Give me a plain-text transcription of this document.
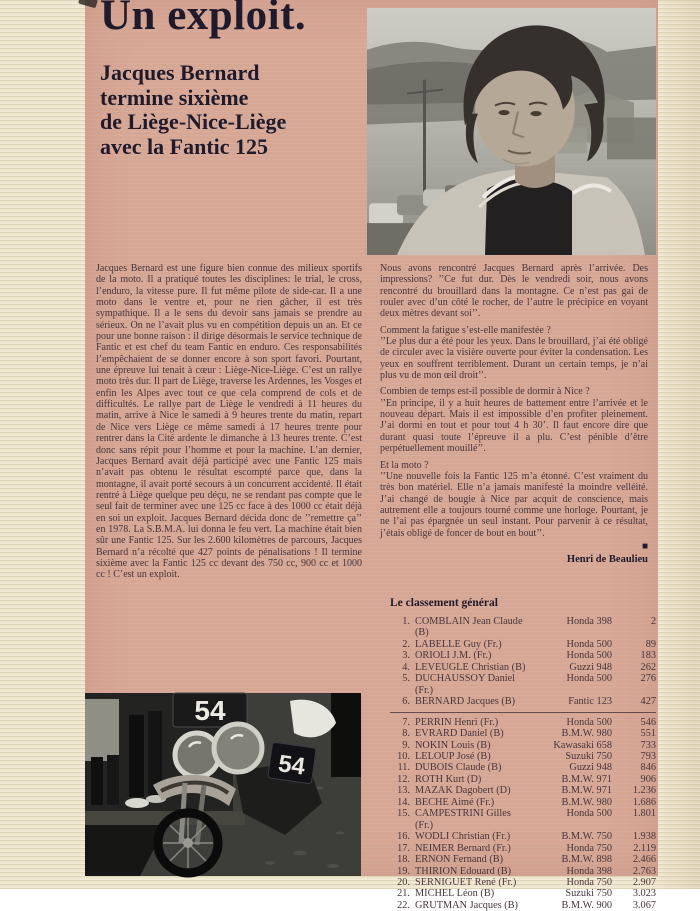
Un exploit.
Jacques Bernard
termine sixième
de Liège-Nice-Liège
avec la Fantic 125

Jacques Bernard est une figure bien connue des milieux sportifs de la moto. Il a pratiqué toutes les disciplines: le trial, le cross, l’enduro, la vitesse pure. Il fut même pilote de side-car. Il a une moto dans le ventre et, pour ne rien gâcher, il est très sympathique. Il a le sens du devoir sans jamais se prendre au sérieux. On ne l’avait plus vu en compétition depuis un an. Et ce pour une bonne raison : il dirige désormais le service technique de Fantic et est chef du team Fantic en enduro. Ces responsabilités l’empêchaient de se donner encore à son sport favori. Pourtant, une épreuve lui tenait à cœur : Liège-Nice-Liège. C’est un rallye moto très dur. Il part de Liège, traverse les Ardennes, les Vosges et enfin les Alpes avec tout ce que cela comprend de cols et de difficultés. Le rallye part de Liège le vendredi à 11 heures du matin, arrive à Nice le samedi à 9 heures trente du matin, repart de Nice vers Liège ce même samedi à 17 heures trente pour rentrer dans la Cité ardente le dimanche à 13 heures trente. C’est donc sans répit pour l’homme et pour la machine. L’an dernier, Jacques Bernard avait déjà participé avec une Fantic 125 mais n’avait pas obtenu le résultat escompté parce que, dans la montagne, il avait porté secours à un concurrent accidenté. Il était rentré à Liège quelque peu déçu, ne se rendant pas compte que le seul fait de terminer avec une 125 cc face à des 1000 cc était déjà en soi un exploit. Jacques Bernard décida donc de ’’remettre ça’’ en 1978. La S.B.M.A. lui donna le feu vert. La machine était bien sûr une Fantic 125. Sur les 2.600 kilomètres de parcours, Jacques Bernard n’a récolté que 427 points de pénalisations ! Il termine sixième avec la Fantic 125 cc devant des 750 cc, 900 cc et 1000 cc ! C’est un exploit.

Nous avons rencontré Jacques Bernard après l’arrivée. Des impressions? ’’Ce fut dur. Dès le vendredi soir, nous avons rencontré du brouillard dans la montagne. Ce n’est pas gai de rouler avec d’un côté le rocher, de l’autre le précipice en voyant deux mètres devant soi’’.

Comment la fatigue s’est-elle manifestée ?

’’Le plus dur a été pour les yeux. Dans le brouillard, j’ai été obligé de circuler avec la visière ouverte pour éviter la condensation. Les yeux en souffrent terriblement. Durant un certain temps, je n’ai plus vu de mon œil droit’’.

Combien de temps est-il possible de dormir à Nice ?

’’En principe, il y a huit heures de battement entre l’arrivée et le nouveau départ. Mais il est impossible d’en profiter pleinement. J’ai dormi en tout et pour tout 4 h 30’. Il faut encore dire que durant quasi toute l’épreuve il a plu. C’est pénible d’être perpétuellement mouillé’’.

Et la moto ?

’’Une nouvelle fois la Fantic 125 m’a étonné. C’est vraiment du très bon matériel. Elle n’a jamais manifesté la moindre velléité. J’ai changé de bougie à Nice par acquit de conscience, mais autrement elle a toujours tourné comme une horloge. Pourtant, je ne l’ai pas épargnée un seul instant. Pour parvenir à ce résultat, j’étais obligé de foncer de bout en bout’’.

■
Henri de Beaulieu
Le classement général
1. COMBLAIN Jean Claude (B)
Honda 398	2
2. LABELLE Guy (Fr.)	Honda 500	89
3. ORIOLI J.M. (Fr.)	Honda 500	183
4. LEVEUGLE Christian (B)	Guzzi 948	262
5. DUCHAUSSOY Daniel (Fr.)
Honda 500	276
6. BERNARD Jacques (B)	Fantic 123	427
7. PERRIN Henri (Fr.)	Honda 500	546
8. EVRARD Daniel (B)	B.M.W. 980	551
9. NOKIN Louis (B)	Kawasaki 658	733
10. LELOUP José (B)	Suzuki 750	793
11. DUBOIS Claude (B)	Guzzi 948	846
12. ROTH Kurt (D)	B.M.W. 971	906
13. MAZAK Dagobert (D)	B.M.W. 971	1.236
14. BECHE Aimé (Fr.)	B.M.W. 980	1.686
15. CAMPESTRINI Gilles (Fr.)
Honda 500	1.801
16. WODLI Christian (Fr.)	B.M.W. 750	1.938
17. NEIMER Bernard (Fr.)	Honda 750	2.119
18. ERNON Fernand (B)	B.M.W. 898	2.466
19. THIRION Edouard (B)	Honda 398	2.763
20. SERNIGUET René (Fr.)	Honda 750	2.907
21. MICHEL Léon (B)	Suzuki 750	3.023
22. GRUTMAN Jacques (B)	B.M.W. 900	3.067
54
54
